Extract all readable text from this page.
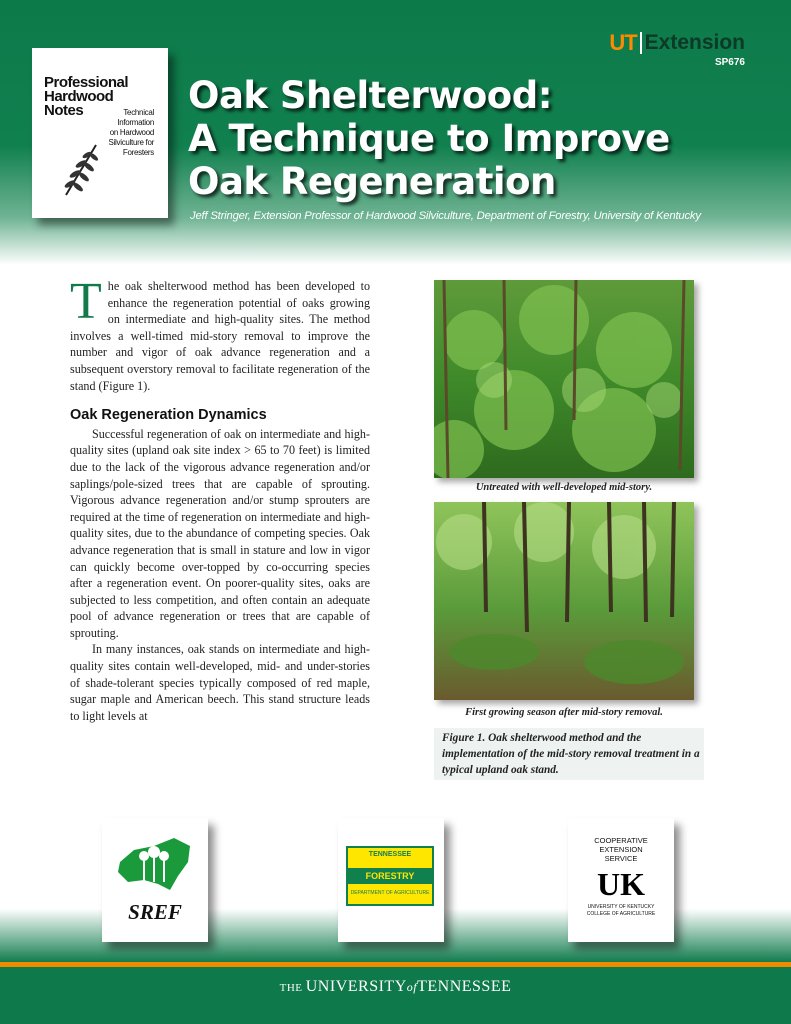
Professional
Hardwood
Notes	Technical
Information
on Hardwood
Silviculture for
Foresters
UT Extension
SP676
Oak Shelterwood:
A Technique to Improve
Oak Regeneration
Jeff Stringer, Extension Professor of Hardwood Silviculture, Department of Forestry, University of Kentucky

The oak shelterwood method has been developed to enhance the regeneration potential of oaks growing on intermediate and high-quality sites. The method involves a well-timed mid-story removal to improve the number and vigor of oak advance regeneration and a subsequent overstory removal to facilitate regeneration of the stand (Figure 1).

Oak Regeneration Dynamics

Successful regeneration of oak on intermediate and high-quality sites (upland oak site index > 65 to 70 feet) is limited due to the lack of the vigorous advance regeneration and/or saplings/pole-sized trees that are capable of sprouting. Vigorous advance regeneration and/or stump sprouters are required at the time of regeneration on intermediate and high-quality sites, due to the abundance of competing species. Oak advance regeneration that is small in stature and low in vigor can quickly become over-topped by co-occurring species after a regeneration event. On poorer-quality sites, oaks are subjected to less competition, and often contain an adequate pool of advance regeneration or trees that are capable of sprouting.

In many instances, oak stands on intermediate and high-quality sites contain well-developed, mid- and under-stories of shade-tolerant species typically composed of red maple, sugar maple and American beech. This stand structure leads to light levels at

Untreated with well-developed mid-story.
First growing season after mid-story removal.
Figure 1. Oak shelterwood method and the implementation of the mid-story removal treatment in a typical upland oak stand.
SREF
TENNESSEE
FORESTRY
DEPARTMENT OF AGRICULTURE
COOPERATIVE
EXTENSION
SERVICE
UK
UNIVERSITY OF KENTUCKY
COLLEGE OF AGRICULTURE
THE UNIVERSITYofTENNESSEE
